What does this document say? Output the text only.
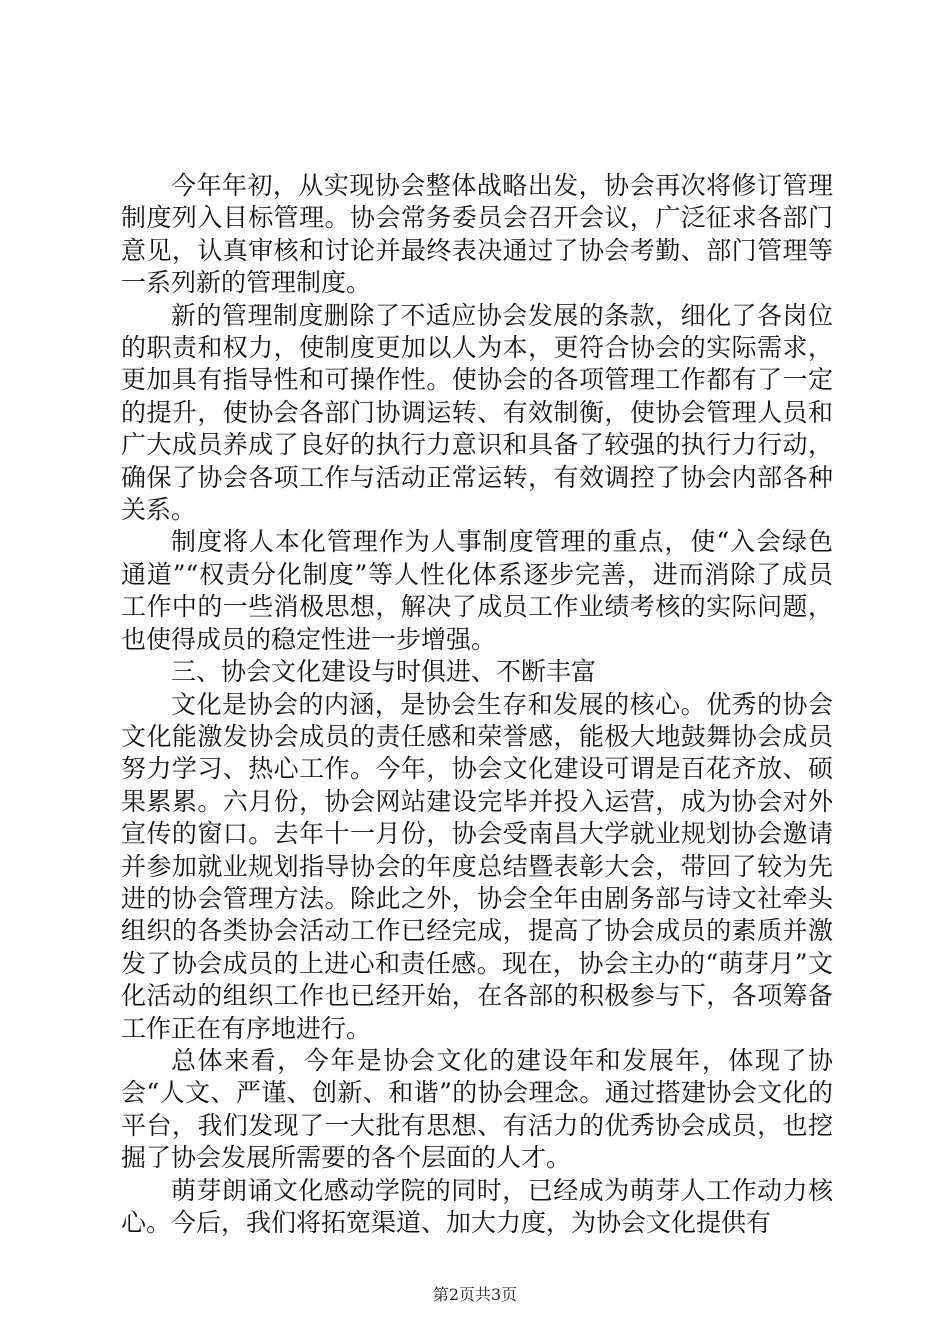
今年年初，从实现协会整体战略出发，协会再次将修订管理制度列入目标管理。协会常务委员会召开会议，广泛征求各部门意见，认真审核和讨论并最终表决通过了协会考勤、部门管理等一系列新的管理制度。

新的管理制度删除了不适应协会发展的条款，细化了各岗位的职责和权力，使制度更加以人为本，更符合协会的实际需求，更加具有指导性和可操作性。使协会的各项管理工作都有了一定的提升，使协会各部门协调运转、有效制衡，使协会管理人员和广大成员养成了良好的执行力意识和具备了较强的执行力行动，确保了协会各项工作与活动正常运转，有效调控了协会内部各种关系。

制度将人本化管理作为人事制度管理的重点，使“入会绿色通道”“权责分化制度”等人性化体系逐步完善，进而消除了成员工作中的一些消极思想，解决了成员工作业绩考核的实际问题，也使得成员的稳定性进一步增强。

三、协会文化建设与时俱进、不断丰富

文化是协会的内涵，是协会生存和发展的核心。优秀的协会文化能激发协会成员的责任感和荣誉感，能极大地鼓舞协会成员努力学习、热心工作。今年，协会文化建设可谓是百花齐放、硕果累累。六月份，协会网站建设完毕并投入运营，成为协会对外宣传的窗口。去年十一月份，协会受南昌大学就业规划协会邀请并参加就业规划指导协会的年度总结暨表彰大会，带回了较为先进的协会管理方法。除此之外，协会全年由剧务部与诗文社牵头组织的各类协会活动工作已经完成，提高了协会成员的素质并激发了协会成员的上进心和责任感。现在，协会主办的“萌芽月”文化活动的组织工作也已经开始，在各部的积极参与下，各项筹备工作正在有序地进行。

总体来看，今年是协会文化的建设年和发展年，体现了协会“人文、严谨、创新、和谐”的协会理念。通过搭建协会文化的平台，我们发现了一大批有思想、有活力的优秀协会成员，也挖掘了协会发展所需要的各个层面的人才。

萌芽朗诵文化感动学院的同时，已经成为萌芽人工作动力核心。今后，我们将拓宽渠道、加大力度，为协会文化提供有

第2页共3页
